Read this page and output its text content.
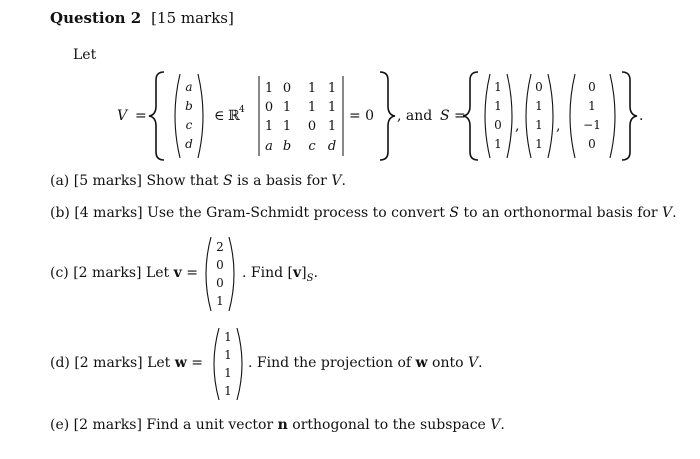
Question 2 [15 marks]
Let
V =
a
b
c
d
∈ ℝ 4
1 0 1 1
0 1 1 1
1 1 0 1
a b c d
= 0 , and S =
1
1
0
1
,
0
1
1
1
,
0
1
−1
0
.
2
0
0
1
1
1
1
1
(a) [5 marks] Show that S is a basis for V.
(b) [4 marks] Use the Gram-Schmidt process to convert S to an orthonormal basis for V.
(c) [2 marks] Let v =	. Find $[v]_S$.
(d) [2 marks] Let w =	. Find the projection of w onto V.
(e) [2 marks] Find a unit vector n orthogonal to the subspace V.
